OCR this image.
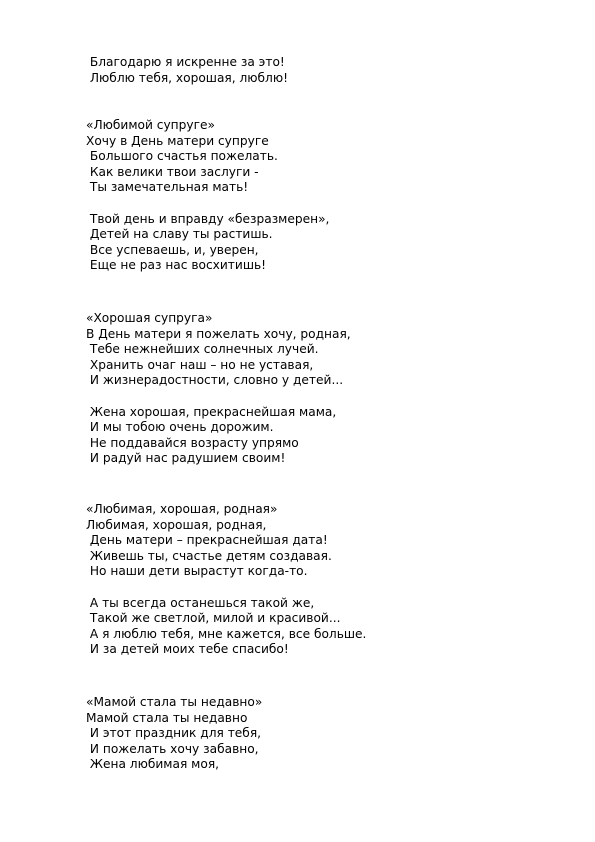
Благодарю я искренне за это!
Люблю тебя, хорошая, люблю!
«Любимой супруге»
Хочу в День матери супруге
Большого счастья пожелать.
Как велики твои заслуги -
Ты замечательная мать!
Твой день и вправду «безразмерен»,
Детей на славу ты растишь.
Все успеваешь, и, уверен,
Еще не раз нас восхитишь!
«Хорошая супруга»
В День матери я пожелать хочу, родная,
Тебе нежнейших солнечных лучей.
Хранить очаг наш – но не уставая,
И жизнерадостности, словно у детей...
Жена хорошая, прекраснейшая мама,
И мы тобою очень дорожим.
Не поддавайся возрасту упрямо
И радуй нас радушием своим!
«Любимая, хорошая, родная»
Любимая, хорошая, родная,
День матери – прекраснейшая дата!
Живешь ты, счастье детям создавая.
Но наши дети вырастут когда-то.
А ты всегда останешься такой же,
Такой же светлой, милой и красивой...
А я люблю тебя, мне кажется, все больше.
И за детей моих тебе спасибо!
«Мамой стала ты недавно»
Мамой стала ты недавно
И этот праздник для тебя,
И пожелать хочу забавно,
Жена любимая моя,
